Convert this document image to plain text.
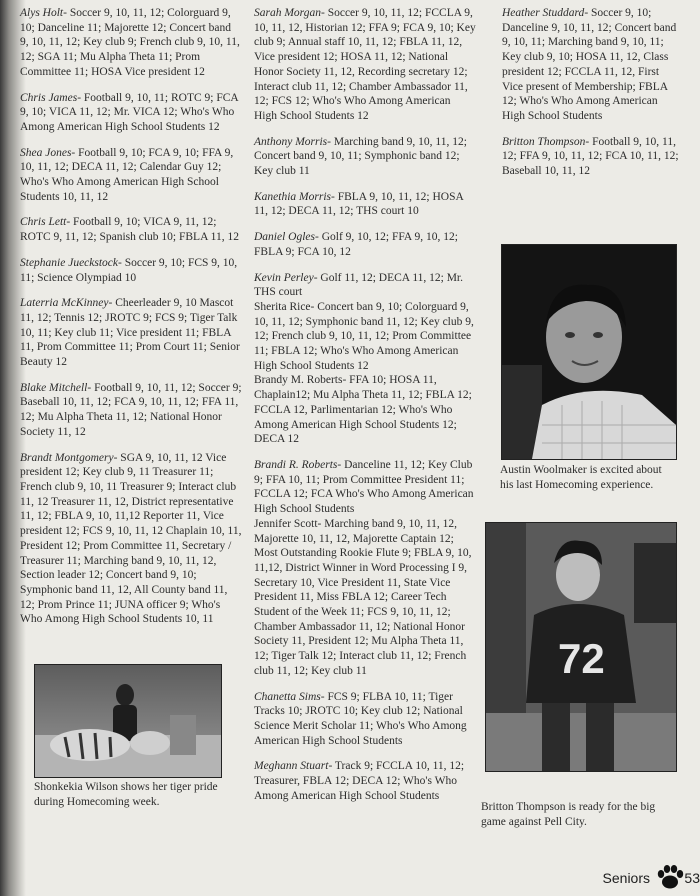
Alys Holt- Soccer 9, 10, 11, 12; Colorguard 9, 10; Danceline 11; Majorette 12; Concert band 9, 10, 11, 12; Key club 9; French club 9, 10, 11, 12; SGA 11; Mu Alpha Theta 11; Prom Committee 11; HOSA Vice president 12
Chris James- Football 9, 10, 11; ROTC 9; FCA 9, 10; VICA 11, 12; Mr. VICA 12; Who's Who Among American High School Students 12
Shea Jones- Football 9, 10; FCA 9, 10; FFA 9, 10, 11, 12; DECA 11, 12; Calendar Guy 12; Who's Who Among American High School Students 10, 11, 12
Chris Lett- Football 9, 10; VICA 9, 11, 12; ROTC 9, 11, 12; Spanish club 10; FBLA 11, 12
Stephanie Jueckstock- Soccer 9, 10; FCS 9, 10, 11; Science Olympiad 10
Laterria McKinney- Cheerleader 9, 10 Mascot 11, 12; Tennis 12; JROTC 9; FCS 9; Tiger Talk 10, 11; Key club 11; Vice president 11; FBLA 11, Prom Committee 11; Prom Court 11; Senior Beauty 12
Blake Mitchell- Football 9, 10, 11, 12; Soccer 9; Baseball 10, 11, 12; FCA 9, 10, 11, 12; FFA 11, 12; Mu Alpha Theta 11, 12; National Honor Society 11, 12
Brandt Montgomery- SGA 9, 10, 11, 12 Vice president 12; Key club 9, 11 Treasurer 11; French club 9, 10, 11 Treasurer 9; Interact club 11, 12 Treasurer 11, 12, District representative 11, 12; FBLA 9, 10, 11,12 Reporter 11, Vice president 12; FCS 9, 10, 11, 12 Chaplain 10, 11, President 12; Prom Committee 11, Secretary / Treasurer 11; Marching band 9, 10, 11, 12, Section leader 12; Concert band 9, 10; Symphonic band 11, 12, All County band 11, 12; Prom Prince 11; JUNA officer 9; Who's Who Among High School Students 10, 11
Shonkekia Wilson shows her tiger pride during Homecoming week.
Sarah Morgan- Soccer 9, 10, 11, 12; FCCLA 9, 10, 11, 12, Historian 12; FFA 9; FCA 9, 10; Key club 9; Annual staff 10, 11, 12; FBLA 11, 12, Vice president 12; HOSA 11, 12; National Honor Society 11, 12, Recording secretary 12; Interact club 11, 12; Chamber Ambassador 11, 12; FCS 12; Who's Who Among American High School Students 12
Anthony Morris- Marching band 9, 10, 11, 12; Concert band 9, 10, 11; Symphonic band 12; Key club 11
Kanethia Morris- FBLA 9, 10, 11, 12; HOSA 11, 12; DECA 11, 12; THS court 10
Daniel Ogles- Golf 9, 10, 12; FFA 9, 10, 12; FBLA 9; FCA 10, 12
Kevin Perley- Golf 11, 12; DECA 11, 12; Mr. THS court
Sherita Rice- Concert ban 9, 10; Colorguard 9, 10, 11, 12; Symphonic band 11, 12; Key club 9, 12; French club 9, 10, 11, 12; Prom Committee 11; FBLA 12; Who's Who Among American High School Students 12
Brandy M. Roberts- FFA 10; HOSA 11, Chaplain12; Mu Alpha Theta 11, 12; FBLA 12; FCCLA 12, Parlimentarian 12; Who's Who Among American High School Students 12; DECA 12
Brandi R. Roberts- Danceline 11, 12; Key Club 9; FFA 10, 11; Prom Committee President 11; FCCLA 12; FCA Who's Who Among American High School Students
Jennifer Scott- Marching band 9, 10, 11, 12, Majorette 10, 11, 12, Majorette Captain 12; Most Outstanding Rookie Flute 9; FBLA 9, 10, 11,12, District Winner in Word Processing I 9, Secretary 10, Vice President 11, State Vice President 11, Miss FBLA 12; Career Tech Student of the Week 11; FCS 9, 10, 11, 12; Chamber Ambassador 11, 12; National Honor Society 11, President 12; Mu Alpha Theta 11, 12; Tiger Talk 12; Interact club 11, 12; French club 11, 12; Key club 11
Chanetta Sims- FCS 9; FLBA 10, 11; Tiger Tracks 10; JROTC 10; Key club 12; National Science Merit Scholar 11; Who's Who Among American High School Students
Meghann Stuart- Track 9; FCCLA 10, 11, 12; Treasurer, FBLA 12; DECA 12; Who's Who Among American High School Students
Heather Studdard- Soccer 9, 10; Danceline 9, 10, 11, 12; Concert band 9, 10, 11; Marching band 9, 10, 11; Key club 9, 10; HOSA 11, 12, Class president 12; FCCLA 11, 12, First Vice present of Membership; FBLA 12; Who's Who Among American High School Students
Britton Thompson- Football 9, 10, 11, 12; FFA 9, 10, 11, 12; FCA 10, 11, 12; Baseball 10, 11, 12
Austin Woolmaker is excited about his last Homecoming experience.
72
Britton Thompson is ready for the big game against Pell City.
Seniors 53
